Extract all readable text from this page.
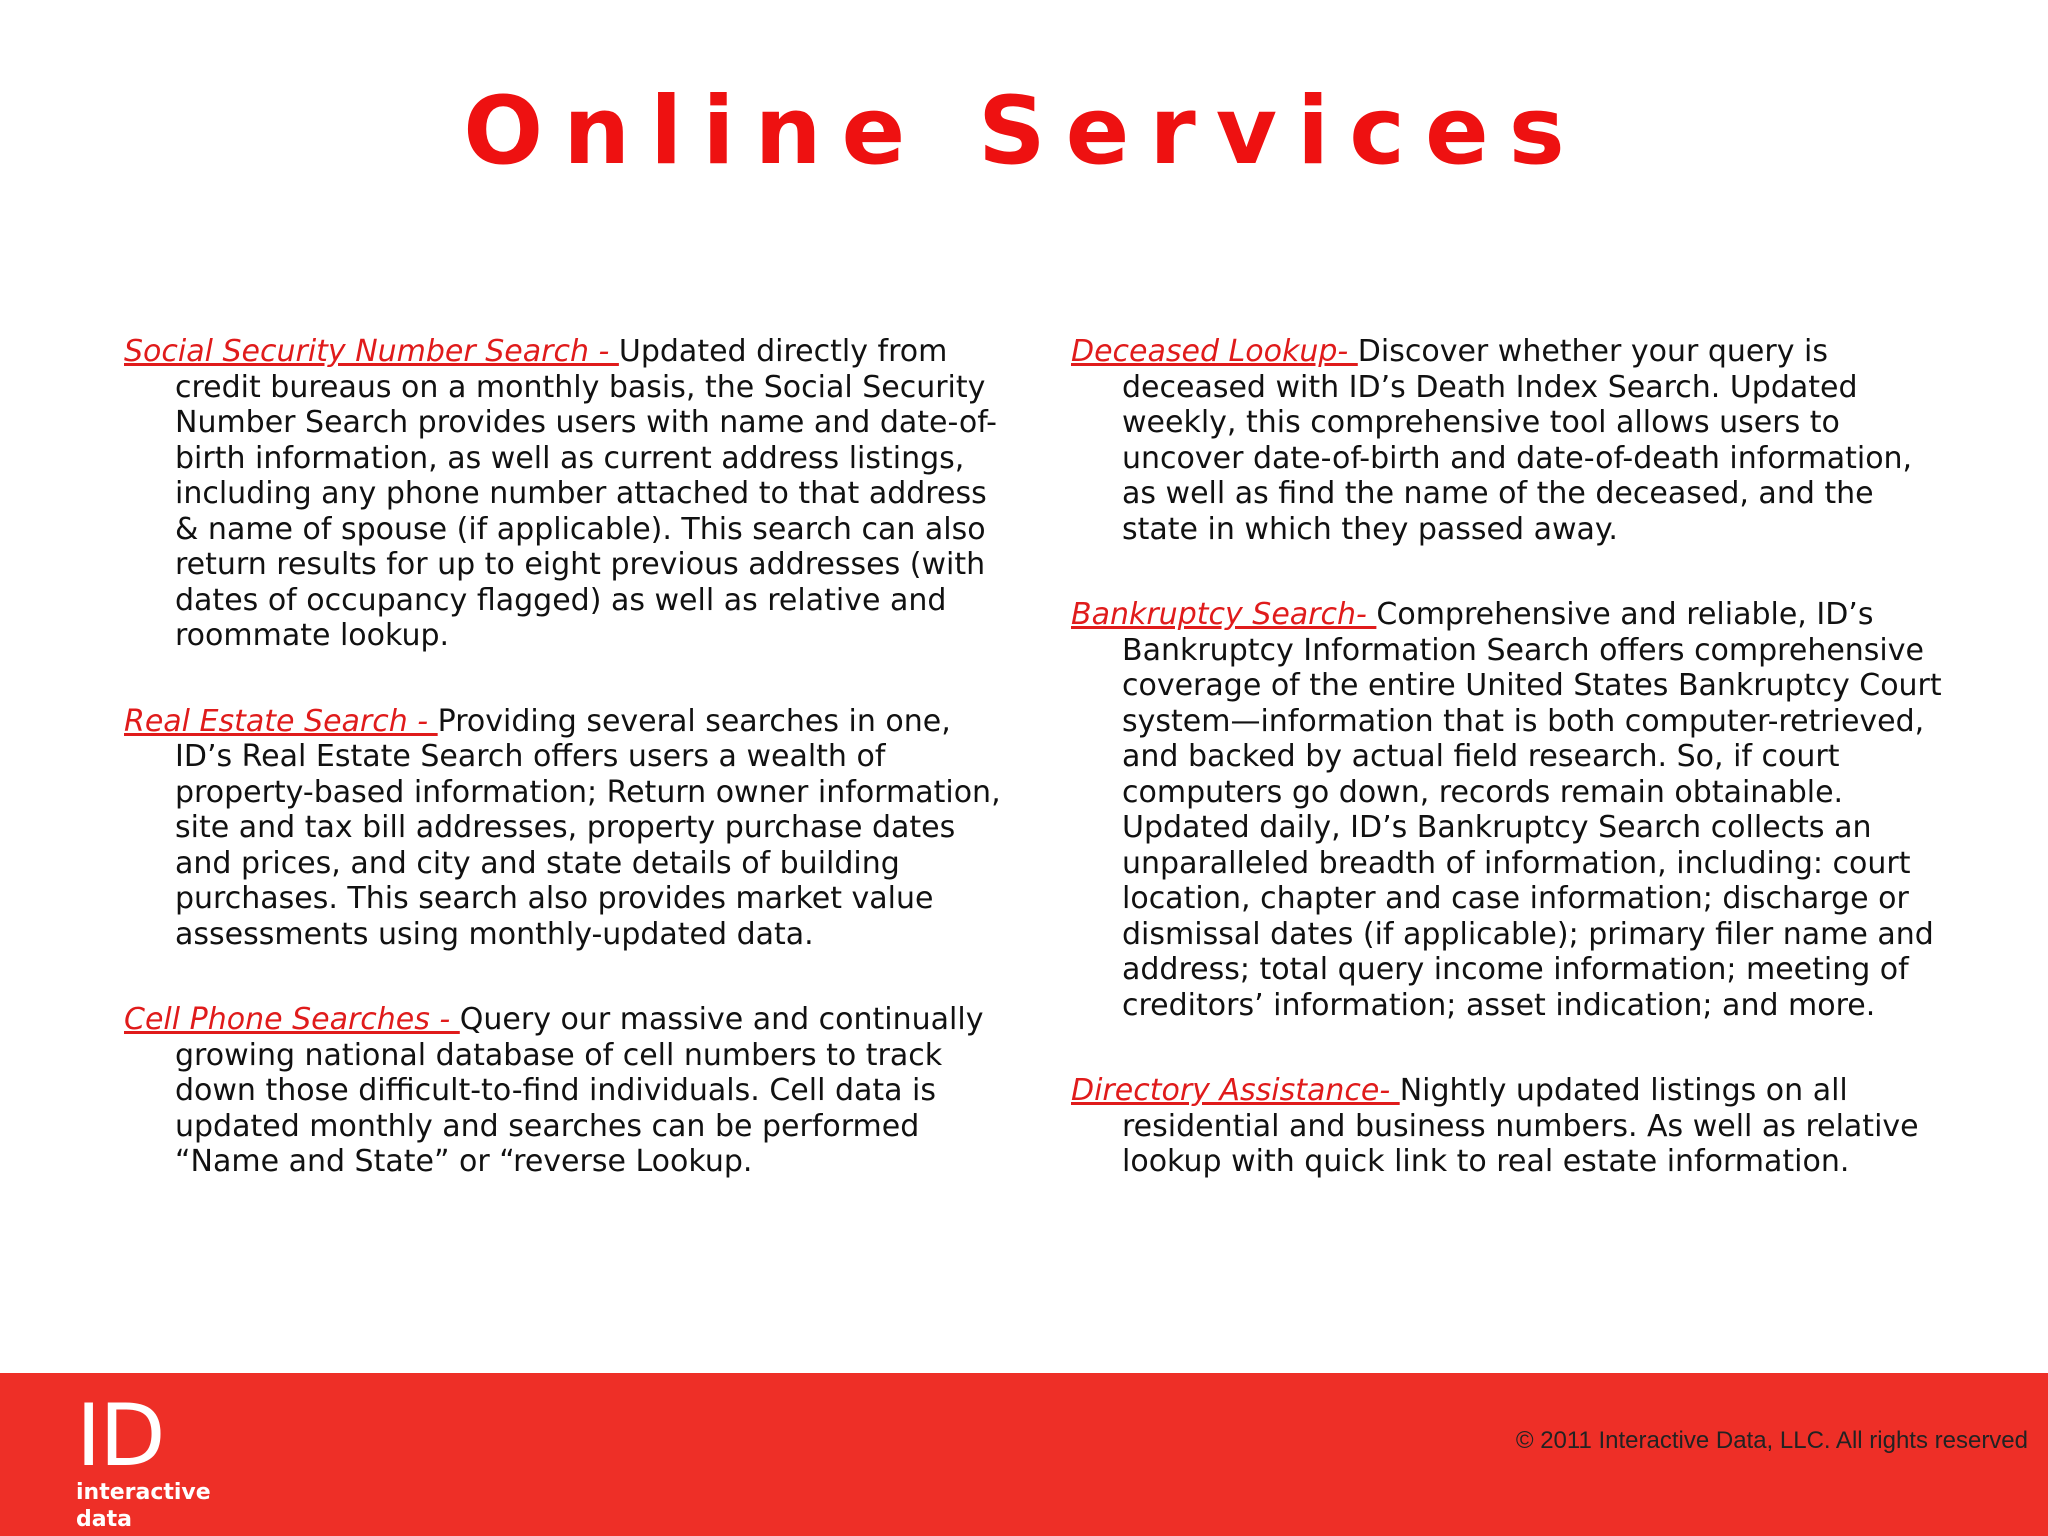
Online Services

Social Security Number Search - Updated directly from credit bureaus on a monthly basis, the Social Security Number Search provides users with name and date-of-birth information, as well as current address listings, including any phone number attached to that address & name of spouse (if applicable). This search can also return results for up to eight previous addresses (with dates of occupancy flagged) as well as relative and roommate lookup.

Real Estate Search - Providing several searches in one, ID’s Real Estate Search offers users a wealth of property-based information; Return owner information, site and tax bill addresses, property purchase dates and prices, and city and state details of building purchases. This search also provides market value assessments using monthly-updated data.

Cell Phone Searches - Query our massive and continually growing national database of cell numbers to track down those difficult-to-find individuals. Cell data is updated monthly and searches can be performed “Name and State” or “reverse Lookup.

Deceased Lookup- Discover whether your query is deceased with ID’s Death Index Search. Updated weekly, this comprehensive tool allows users to uncover date-of-birth and date-of-death information, as well as find the name of the deceased, and the state in which they passed away.

Bankruptcy Search- Comprehensive and reliable, ID’s Bankruptcy Information Search offers comprehensive coverage of the entire United States Bankruptcy Court system—information that is both computer-retrieved, and backed by actual field research. So, if court computers go down, records remain obtainable. Updated daily, ID’s Bankruptcy Search collects an unparalleled breadth of information, including: court location, chapter and case information; discharge or dismissal dates (if applicable); primary filer name and address; total query income information; meeting of creditors’ information; asset indication; and more.

Directory Assistance- Nightly updated listings on all residential and business numbers. As well as relative lookup with quick link to real estate information.

ID
interactive
data
© 2011 Interactive Data, LLC. All rights reserved
